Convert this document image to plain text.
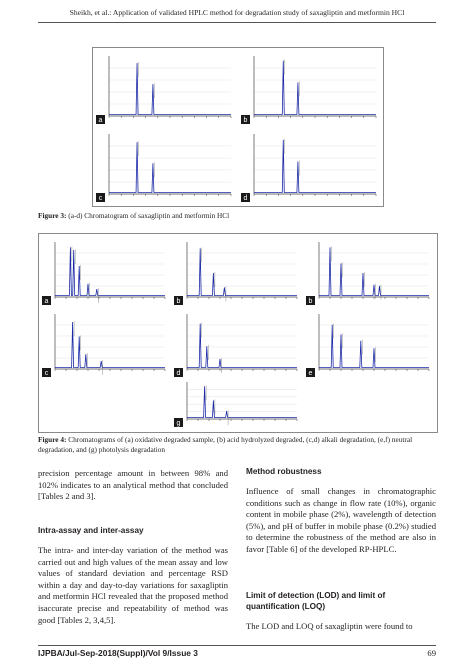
Sheikh, et al.: Application of validated HPLC method for degradation study of saxagliptin and metformin HCl
a	b
c	d
Figure 3: (a-d) Chromatogram of saxagliptin and metformin HCl
a	b	b
c	d	e
g
Figure 4: Chromatograms of (a) oxidative degraded sample, (b) acid hydrolyzed degraded, (c,d) alkali degradation, (e,f) neutral degradation, and (g) photolysis degradation
precision percentage amount in between 98% and 102% indicates to an analytical method that concluded [Tables 2 and 3].
Intra-assay and inter-assay
The intra- and inter-day variation of the method was carried out and high values of the mean assay and low values of standard deviation and percentage RSD within a day and day-to-day variations for saxagliptin and metformin HCl revealed that the proposed method isaccurate precise and repeatability of method was good [Tables 2, 3,4,5].
Method robustness
Influence of small changes in chromatographic conditions such as change in flow rate (10%), organic content in mobile phase (2%), wavelength of detection (5%), and pH of buffer in mobile phase (0.2%) studied to determine the robustness of the method are also in favor [Table 6] of the developed RP-HPLC.
Limit of detection (LOD) and limit of quantification (LOQ)
The LOD and LOQ of saxagliptin were found to
IJPBA/Jul-Sep-2018(Suppl)/Vol 9/Issue 3	69
